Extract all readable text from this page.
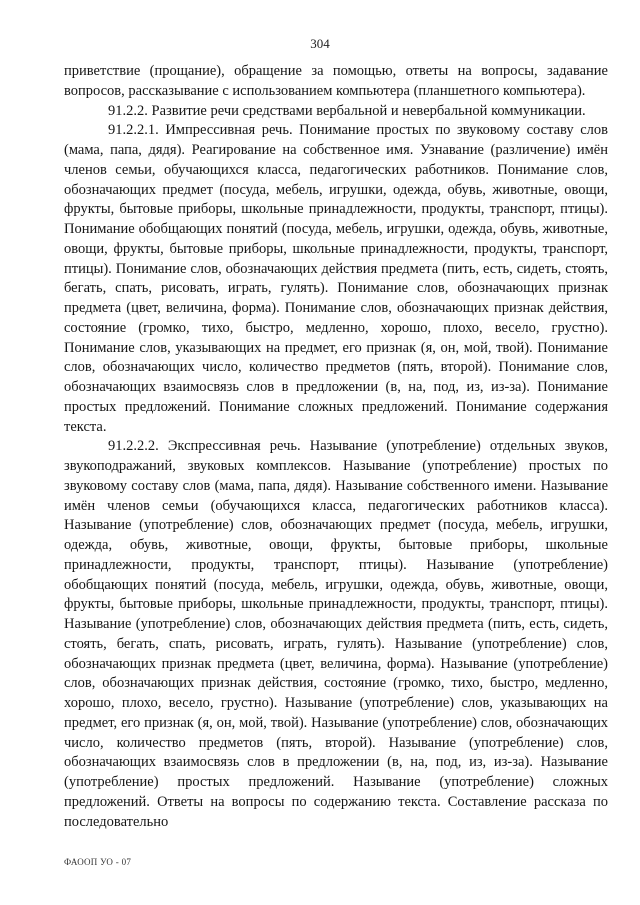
304

приветствие (прощание), обращение за помощью, ответы на вопросы, задавание вопросов, рассказывание с использованием компьютера (планшетного компьютера).

91.2.2. Развитие речи средствами вербальной и невербальной коммуникации.

91.2.2.1. Импрессивная речь. Понимание простых по звуковому составу слов (мама, папа, дядя). Реагирование на собственное имя. Узнавание (различение) имён членов семьи, обучающихся класса, педагогических работников. Понимание слов, обозначающих предмет (посуда, мебель, игрушки, одежда, обувь, животные, овощи, фрукты, бытовые приборы, школьные принадлежности, продукты, транспорт, птицы). Понимание обобщающих понятий (посуда, мебель, игрушки, одежда, обувь, животные, овощи, фрукты, бытовые приборы, школьные принадлежности, продукты, транспорт, птицы). Понимание слов, обозначающих действия предмета (пить, есть, сидеть, стоять, бегать, спать, рисовать, играть, гулять). Понимание слов, обозначающих признак предмета (цвет, величина, форма). Понимание слов, обозначающих признак действия, состояние (громко, тихо, быстро, медленно, хорошо, плохо, весело, грустно). Понимание слов, указывающих на предмет, его признак (я, он, мой, твой). Понимание слов, обозначающих число, количество предметов (пять, второй). Понимание слов, обозначающих взаимосвязь слов в предложении (в, на, под, из, из-за). Понимание простых предложений. Понимание сложных предложений. Понимание содержания текста.

91.2.2.2. Экспрессивная речь. Называние (употребление) отдельных звуков, звукоподражаний, звуковых комплексов. Называние (употребление) простых по звуковому составу слов (мама, папа, дядя). Называние собственного имени. Называние имён членов семьи (обучающихся класса, педагогических работников класса). Называние (употребление) слов, обозначающих предмет (посуда, мебель, игрушки, одежда, обувь, животные, овощи, фрукты, бытовые приборы, школьные принадлежности, продукты, транспорт, птицы). Называние (употребление) обобщающих понятий (посуда, мебель, игрушки, одежда, обувь, животные, овощи, фрукты, бытовые приборы, школьные принадлежности, продукты, транспорт, птицы). Называние (употребление) слов, обозначающих действия предмета (пить, есть, сидеть, стоять, бегать, спать, рисовать, играть, гулять). Называние (употребление) слов, обозначающих признак предмета (цвет, величина, форма). Называние (употребление) слов, обозначающих признак действия, состояние (громко, тихо, быстро, медленно, хорошо, плохо, весело, грустно). Называние (употребление) слов, указывающих на предмет, его признак (я, он, мой, твой). Называние (употребление) слов, обозначающих число, количество предметов (пять, второй). Называние (употребление) слов, обозначающих взаимосвязь слов в предложении (в, на, под, из, из-за). Называние (употребление) простых предложений. Называние (употребление) сложных предложений. Ответы на вопросы по содержанию текста. Составление рассказа по последовательно

ФАООП УО - 07
